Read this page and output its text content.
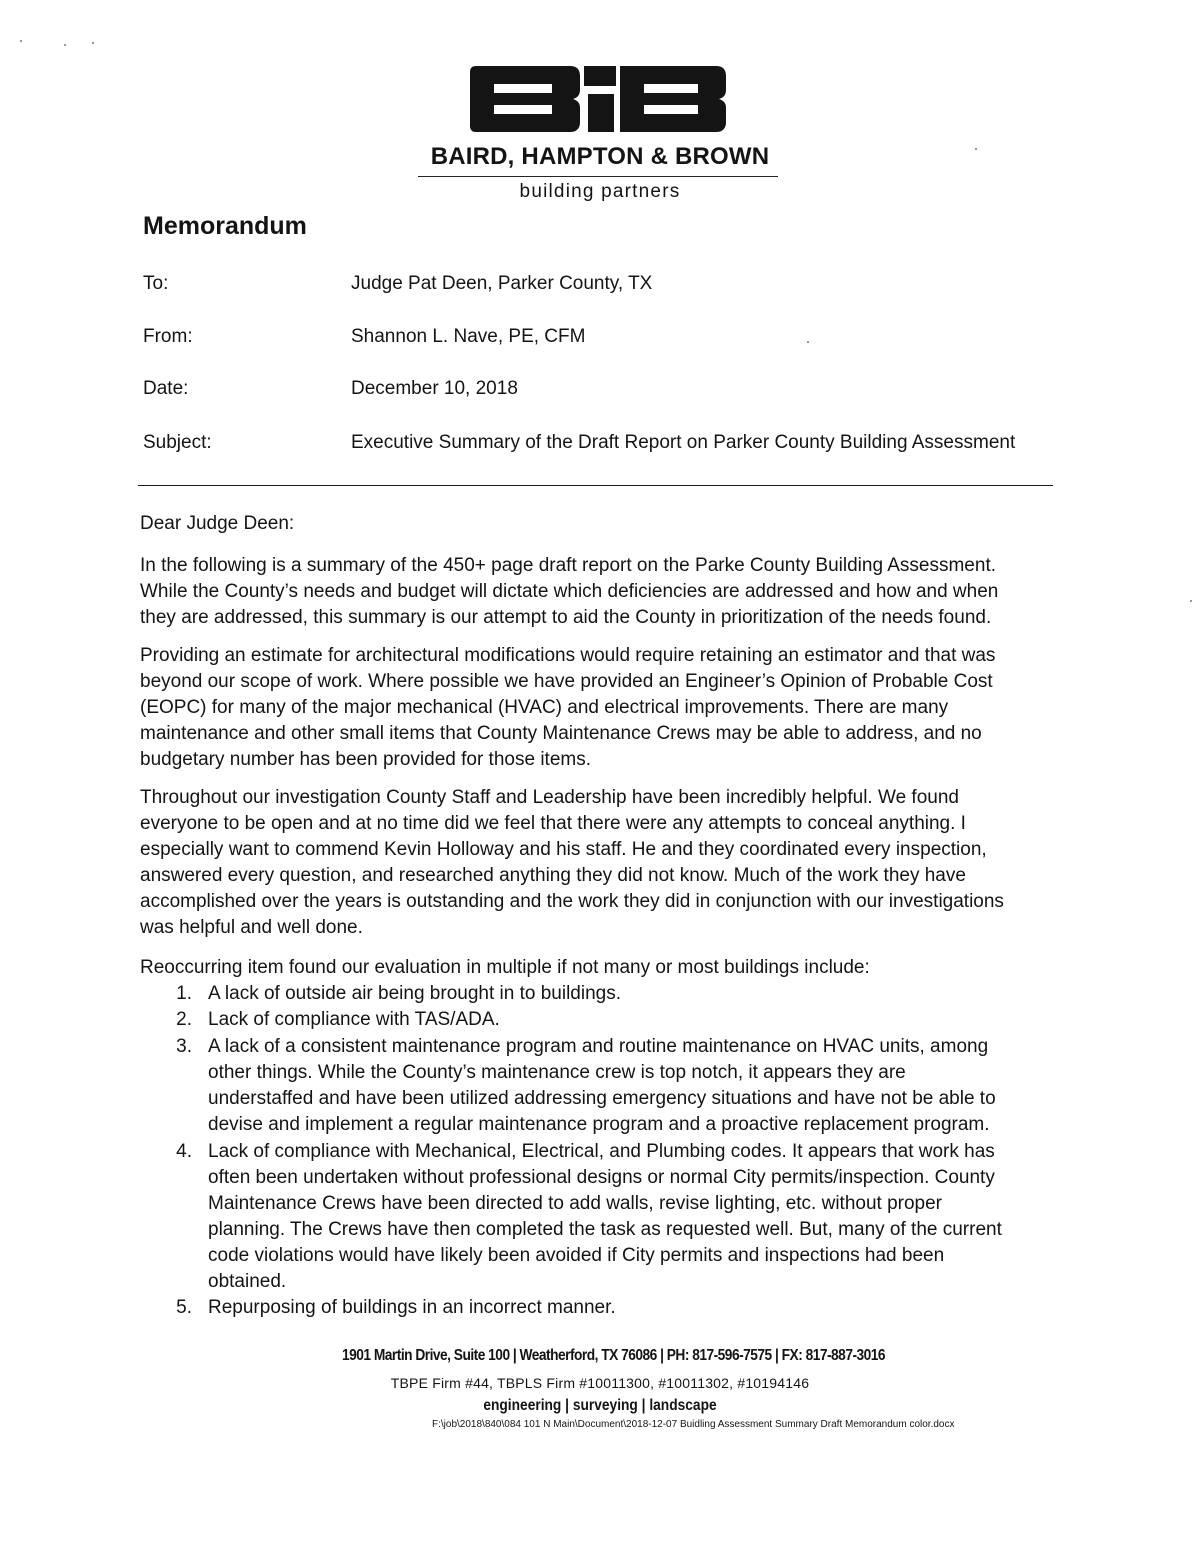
BAIRD, HAMPTON & BROWN
building partners
Memorandum
To:	Judge Pat Deen, Parker County, TX
From:	Shannon L. Nave, PE, CFM
Date:	December 10, 2018
Subject:	Executive Summary of the Draft Report on Parker County Building Assessment
Dear Judge Deen:
In the following is a summary of the 450+ page draft report on the Parke County Building Assessment.
While the County’s needs and budget will dictate which deficiencies are addressed and how and when
they are addressed, this summary is our attempt to aid the County in prioritization of the needs found.
Providing an estimate for architectural modifications would require retaining an estimator and that was
beyond our scope of work. Where possible we have provided an Engineer’s Opinion of Probable Cost
(EOPC) for many of the major mechanical (HVAC) and electrical improvements. There are many
maintenance and other small items that County Maintenance Crews may be able to address, and no
budgetary number has been provided for those items.
Throughout our investigation County Staff and Leadership have been incredibly helpful. We found
everyone to be open and at no time did we feel that there were any attempts to conceal anything. I
especially want to commend Kevin Holloway and his staff. He and they coordinated every inspection,
answered every question, and researched anything they did not know. Much of the work they have
accomplished over the years is outstanding and the work they did in conjunction with our investigations
was helpful and well done.
Reoccurring item found our evaluation in multiple if not many or most buildings include:
1. A lack of outside air being brought in to buildings.
2. Lack of compliance with TAS/ADA.
3. A lack of a consistent maintenance program and routine maintenance on HVAC units, among
other things. While the County’s maintenance crew is top notch, it appears they are
understaffed and have been utilized addressing emergency situations and have not be able to
devise and implement a regular maintenance program and a proactive replacement program.
4. Lack of compliance with Mechanical, Electrical, and Plumbing codes. It appears that work has
often been undertaken without professional designs or normal City permits/inspection. County
Maintenance Crews have been directed to add walls, revise lighting, etc. without proper
planning. The Crews have then completed the task as requested well. But, many of the current
code violations would have likely been avoided if City permits and inspections had been
obtained.
5. Repurposing of buildings in an incorrect manner.
1901 Martin Drive, Suite 100 | Weatherford, TX 76086 | PH: 817-596-7575 | FX: 817-887-3016
TBPE Firm #44, TBPLS Firm #10011300, #10011302, #10194146
engineering | surveying | landscape
F:\job\2018\840\084 101 N Main\Document\2018-12-07 Buidling Assessment Summary Draft Memorandum color.docx
